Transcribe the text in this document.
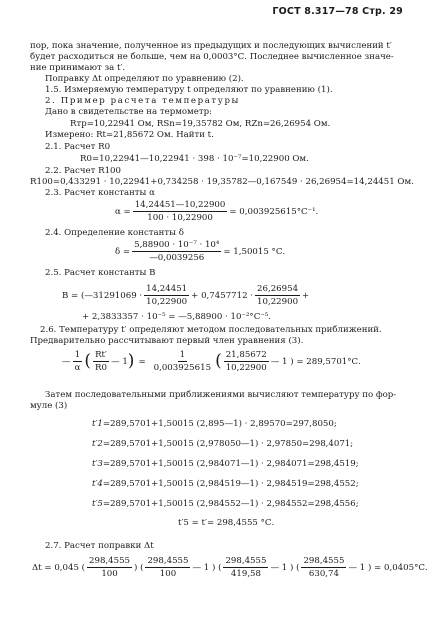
ГОСТ 8.317—78 Стр. 29
пор, пока значение, полученное из предыдущих и последующих вычислений t′
будет расходиться не больше, чем на 0,0003°С. Последнее вычисленное значе-
ние принимают за t′.
Поправку Δt определяют по уравнению (2).
1.5. Измеряемую температуру t определяют по уравнению (1).
2. Пример расчета температуры
Дано в свидетельстве на термометр:
Rтр=10,22941 Ом, RSn=19,35782 Ом, RZn=26,26954 Ом.
Измерено: Rt=21,85672 Ом. Найти t.
2.1. Расчет R0
R0=10,22941—10,22941 · 398 · 10⁻⁷=10,22900 Ом.
2.2. Расчет R100
R100=0,433291 · 10,22941+0,734258 · 19,35782—0,167549 · 26,26954=14,24451 Ом.
2.3. Расчет константы α
$\alpha = \frac{14,24451—10,22900}{100 \cdot 10,22900} = 0,003925615^\circ С^{-1}$.
2.4. Определение константы δ
$\delta = \frac{\text{5,88900 · 10⁻⁷ · 10⁴}}{—0,0039256} = 1,50015$ °С.
2.5. Расчет константы B
B = (—31291069 · $\frac{14,24451}{10,22900} + 0,7457712 \cdot \frac{26,26954}{10,22900}$ +
+ 2,3833357 · 10⁻⁵ = —5,88900 · 10⁻²°С⁻⁵.
2.6. Температуру t′ определяют методом последовательных приближений.
Предварительно рассчитывают первый член уравнения (3).
— $\frac{1}{\alpha}$ ( $\frac{Rt'}{R0}$ — 1 ) = $\frac{1}{0,003925615}$ ( $\frac{21,85672}{10,22900}$ — 1 ) = 289,5701°С.
Затем последовательными приближениями вычисляют температуру по фор-
муле (3)
t′1=289,5701+1,50015 (2,895—1) · 2,89570=297,8050;
t′2=289,5701+1,50015 (2,978050—1) · 2,97850=298,4071;
t′3=289,5701+1,50015 (2,984071—1) · 2,984071=298,4519;
t′4=289,5701+1,50015 (2,984519—1) · 2,984519=298,4552;
t′5=289,5701+1,50015 (2,984552—1) · 2,984552=298,4556;
t′5 = t′= 298,4555 °С.
2.7. Расчет поправки Δt
Δt = 0,045 ( $\frac{298,4555}{100}$ ) ( $\frac{298,4555}{100}$ — 1 ) ( $\frac{298,4555}{419,58}$ — 1 ) ( $\frac{298,4555}{630,74}$ — 1 ) = 0,0405°С.
